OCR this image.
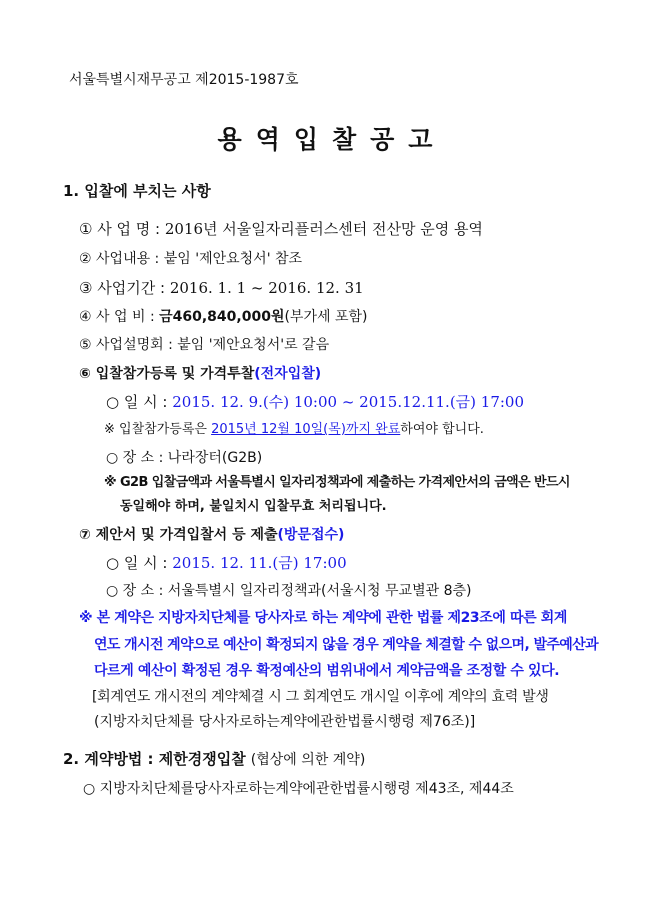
서울특별시재무공고 제2015-1987호
용역입찰공고
1. 입찰에 부치는 사항
① 사 업 명 : 2016년 서울일자리플러스센터 전산망 운영 용역
② 사업내용 : 붙임 '제안요청서' 참조
③ 사업기간 : 2016. 1. 1 ~ 2016. 12. 31
④ 사 업 비 : 금460,840,000원(부가세 포함)
⑤ 사업설명회 : 붙임 '제안요청서'로 갈음
⑥ 입찰참가등록 및 가격투찰(전자입찰)
○ 일 시 : 2015. 12. 9.(수) 10:00 ~ 2015.12.11.(금) 17:00
※ 입찰참가등록은 2015년 12월 10일(목)까지 완료하여야 합니다.
○ 장 소 : 나라장터(G2B)
※ G2B 입찰금액과 서울특별시 일자리정책과에 제출하는 가격제안서의 금액은 반드시
동일해야 하며, 불일치시 입찰무효 처리됩니다.
⑦ 제안서 및 가격입찰서 등 제출(방문접수)
○ 일 시 : 2015. 12. 11.(금) 17:00
○ 장 소 : 서울특별시 일자리정책과(서울시청 무교별관 8층)
※ 본 계약은 지방자치단체를 당사자로 하는 계약에 관한 법률 제23조에 따른 회계
연도 개시전 계약으로 예산이 확정되지 않을 경우 계약을 체결할 수 없으며, 발주예산과
다르게 예산이 확정된 경우 확정예산의 범위내에서 계약금액을 조정할 수 있다.
[회계연도 개시전의 계약체결 시 그 회계연도 개시일 이후에 계약의 효력 발생
(지방자치단체를 당사자로하는계약에관한법률시행령 제76조)]
2. 계약방법 : 제한경쟁입찰 (협상에 의한 계약)
○ 지방자치단체를당사자로하는계약에관한법률시행령 제43조, 제44조
